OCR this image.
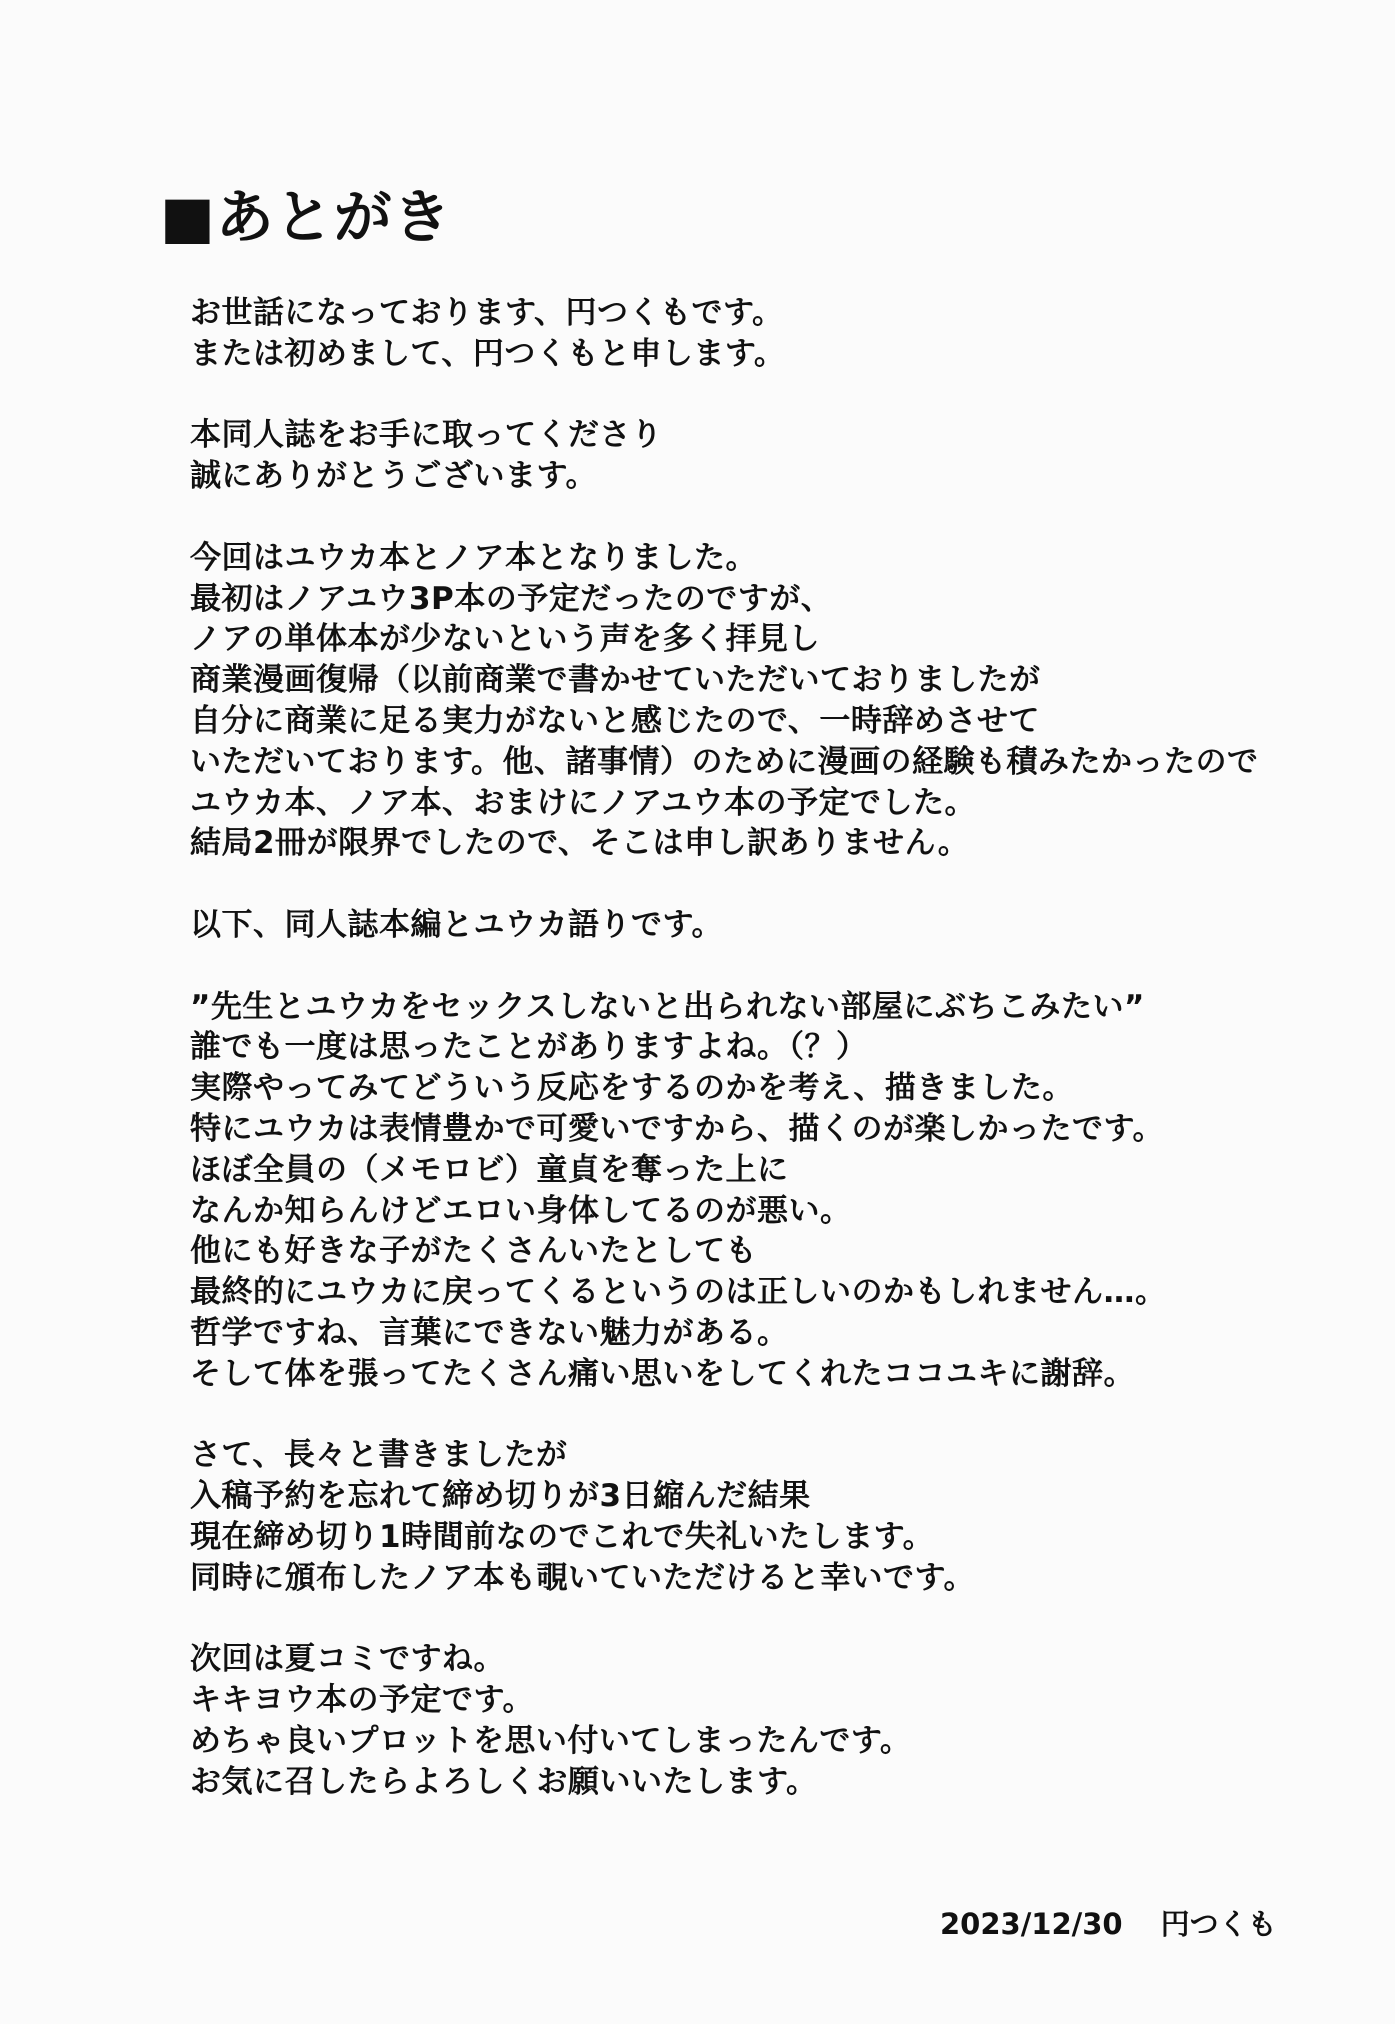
■あとがき
お世話になっております、円つくもです。
または初めまして、円つくもと申します。
本同人誌をお手に取ってくださり
誠にありがとうございます。
今回はユウカ本とノア本となりました。
最初はノアユウ3P本の予定だったのですが、
ノアの単体本が少ないという声を多く拝見し
商業漫画復帰（以前商業で書かせていただいておりましたが
自分に商業に足る実力がないと感じたので、一時辞めさせて
いただいております。他、諸事情）のために漫画の経験も積みたかったので
ユウカ本、ノア本、おまけにノアユウ本の予定でした。
結局2冊が限界でしたので、そこは申し訳ありません。
以下、同人誌本編とユウカ語りです。
”先生とユウカをセックスしないと出られない部屋にぶちこみたい”
誰でも一度は思ったことがありますよね。（？）
実際やってみてどういう反応をするのかを考え、描きました。
特にユウカは表情豊かで可愛いですから、描くのが楽しかったです。
ほぼ全員の（メモロビ）童貞を奪った上に
なんか知らんけどエロい身体してるのが悪い。
他にも好きな子がたくさんいたとしても
最終的にユウカに戻ってくるというのは正しいのかもしれません…。
哲学ですね、言葉にできない魅力がある。
そして体を張ってたくさん痛い思いをしてくれたココユキに謝辞。
さて、長々と書きましたが
入稿予約を忘れて締め切りが3日縮んだ結果
現在締め切り1時間前なのでこれで失礼いたします。
同時に頒布したノア本も覗いていただけると幸いです。
次回は夏コミですね。
キキヨウ本の予定です。
めちゃ良いプロットを思い付いてしまったんです。
お気に召したらよろしくお願いいたします。
2023/12/30 円つくも
